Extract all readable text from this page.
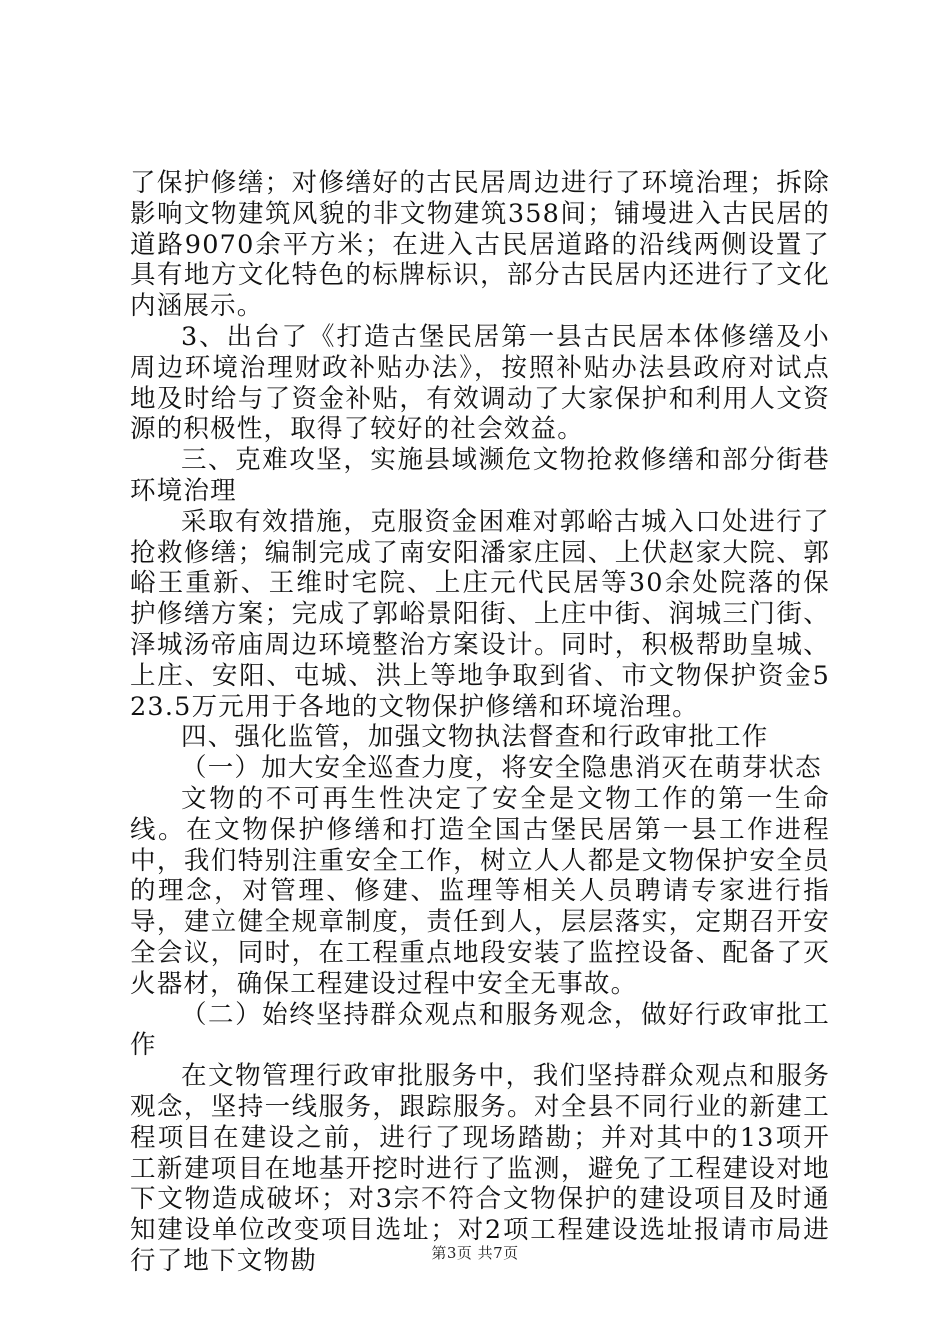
了保护修缮；对修缮好的古民居周边进行了环境治理；拆除影响文物建筑风貌的非文物建筑358间；铺墁进入古民居的道路9070余平方米；在进入古民居道路的沿线两侧设置了具有地方文化特色的标牌标识，部分古民居内还进行了文化内涵展示。

3、出台了《打造古堡民居第一县古民居本体修缮及小周边环境治理财政补贴办法》，按照补贴办法县政府对试点地及时给与了资金补贴，有效调动了大家保护和利用人文资源的积极性，取得了较好的社会效益。

三、克难攻坚，实施县域濒危文物抢救修缮和部分街巷环境治理

采取有效措施，克服资金困难对郭峪古城入口处进行了抢救修缮；编制完成了南安阳潘家庄园、上伏赵家大院、郭峪王重新、王维时宅院、上庄元代民居等30余处院落的保护修缮方案；完成了郭峪景阳街、上庄中街、润城三门街、泽城汤帝庙周边环境整治方案设计。同时，积极帮助皇城、上庄、安阳、屯城、洪上等地争取到省、市文物保护资金523.5万元用于各地的文物保护修缮和环境治理。

四、强化监管，加强文物执法督查和行政审批工作

（一）加大安全巡查力度，将安全隐患消灭在萌芽状态

文物的不可再生性决定了安全是文物工作的第一生命线。在文物保护修缮和打造全国古堡民居第一县工作进程中，我们特别注重安全工作，树立人人都是文物保护安全员的理念，对管理、修建、监理等相关人员聘请专家进行指导，建立健全规章制度，责任到人，层层落实，定期召开安全会议，同时，在工程重点地段安装了监控设备、配备了灭火器材，确保工程建设过程中安全无事故。

（二）始终坚持群众观点和服务观念，做好行政审批工作

在文物管理行政审批服务中，我们坚持群众观点和服务观念，坚持一线服务，跟踪服务。对全县不同行业的新建工程项目在建设之前，进行了现场踏勘；并对其中的13项开工新建项目在地基开挖时进行了监测，避免了工程建设对地下文物造成破坏；对3宗不符合文物保护的建设项目及时通知建设单位改变项目选址；对2项工程建设选址报请市局进行了地下文物勘	第3页 共7页
